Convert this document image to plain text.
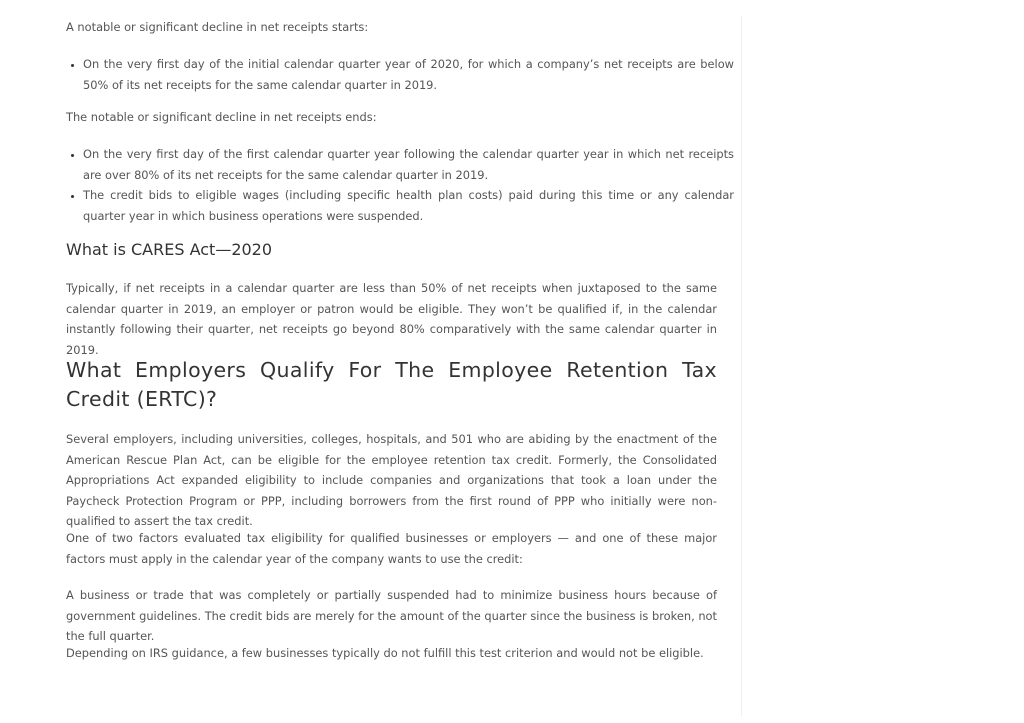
A notable or significant decline in net receipts starts:

• On the very first day of the initial calendar quarter year of 2020, for which a company’s net receipts are below 50% of its net receipts for the same calendar quarter in 2019.

The notable or significant decline in net receipts ends:

• On the very first day of the first calendar quarter year following the calendar quarter year in which net receipts are over 80% of its net receipts for the same calendar quarter in 2019.
• The credit bids to eligible wages (including specific health plan costs) paid during this time or any calendar quarter year in which business operations were suspended.
What is CARES Act—2020

Typically, if net receipts in a calendar quarter are less than 50% of net receipts when juxtaposed to the same calendar quarter in 2019, an employer or patron would be eligible. They won’t be qualified if, in the calendar instantly following their quarter, net receipts go beyond 80% comparatively with the same calendar quarter in 2019.

What Employers Qualify For The Employee Retention Tax Credit (ERTC)?

Several employers, including universities, colleges, hospitals, and 501 who are abiding by the enactment of the American Rescue Plan Act, can be eligible for the employee retention tax credit. Formerly, the Consolidated Appropriations Act expanded eligibility to include companies and organizations that took a loan under the Paycheck Protection Program or PPP, including borrowers from the first round of PPP who initially were non-qualified to assert the tax credit.

One of two factors evaluated tax eligibility for qualified businesses or employers — and one of these major factors must apply in the calendar year of the company wants to use the credit:

A business or trade that was completely or partially suspended had to minimize business hours because of government guidelines. The credit bids are merely for the amount of the quarter since the business is broken, not the full quarter.

Depending on IRS guidance, a few businesses typically do not fulfill this test criterion and would not be eligible.
